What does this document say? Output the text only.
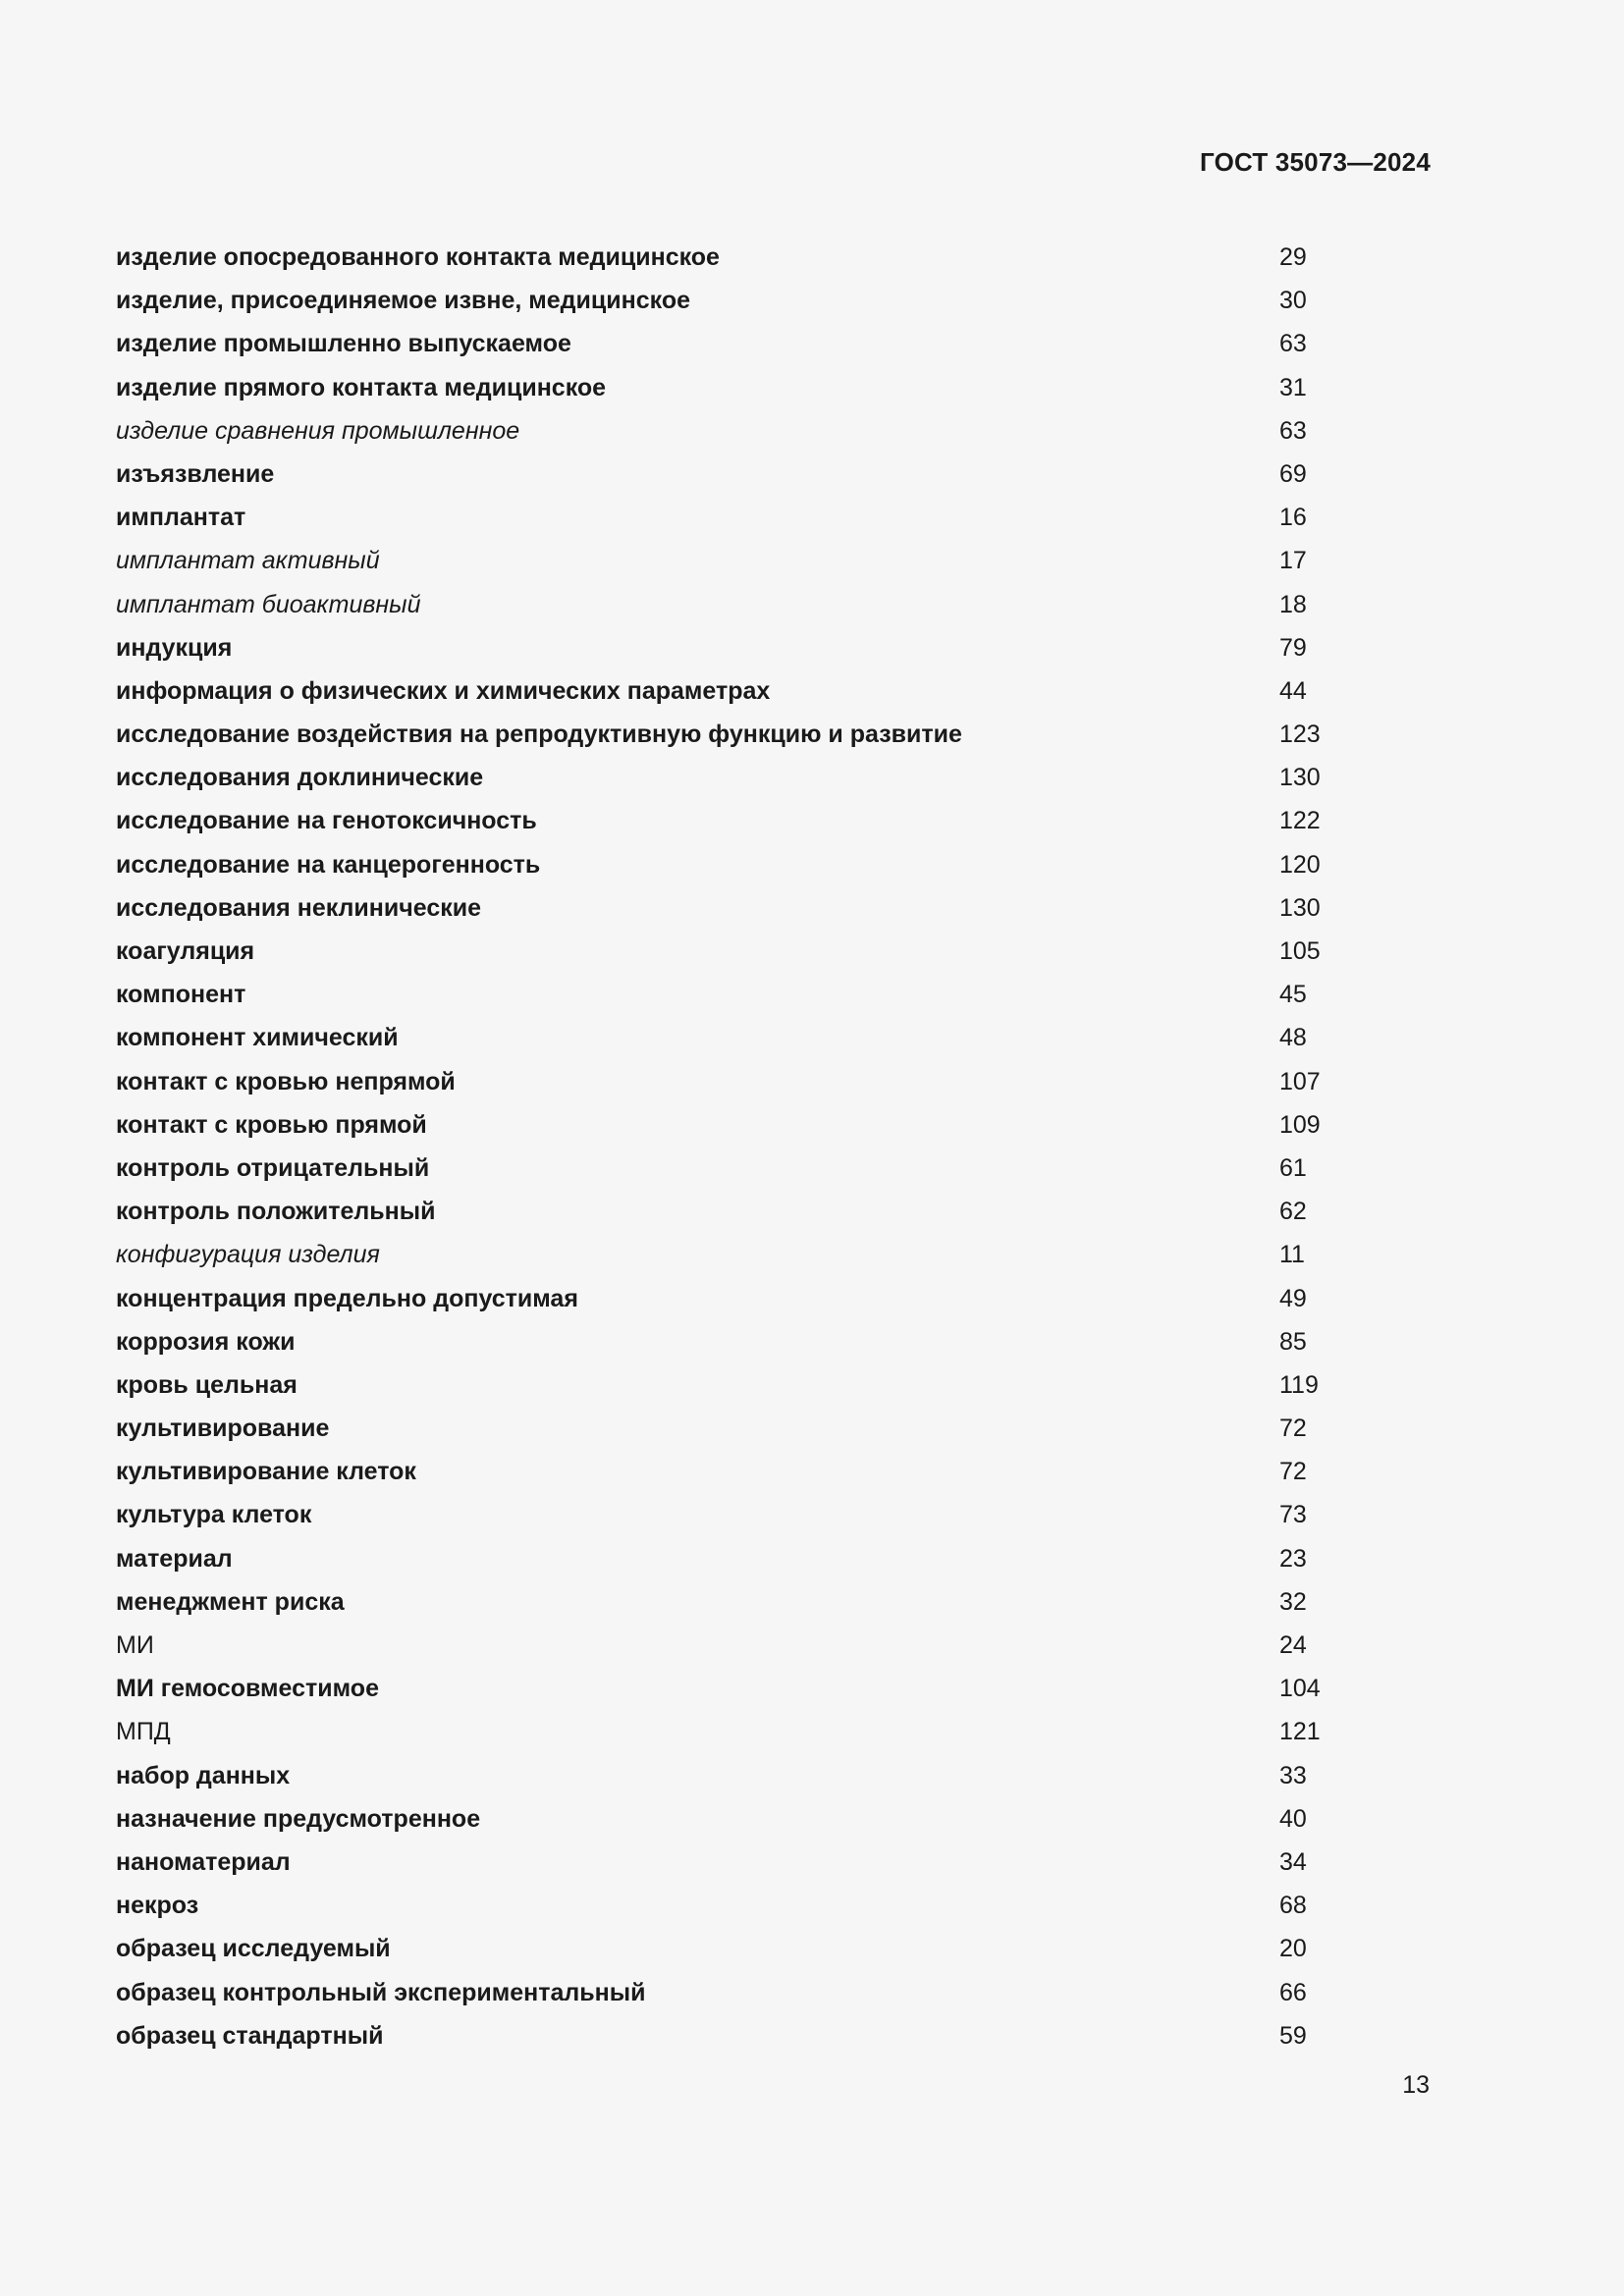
ГОСТ 35073—2024
изделие опосредованного контакта медицинское	29
изделие, присоединяемое извне, медицинское	30
изделие промышленно выпускаемое	63
изделие прямого контакта медицинское	31
изделие сравнения промышленное	63
изъязвление	69
имплантат	16
имплантат активный	17
имплантат биоактивный	18
индукция	79
информация о физических и химических параметрах	44
исследование воздействия на репродуктивную функцию и развитие	123
исследования доклинические	130
исследование на генотоксичность	122
исследование на канцерогенность	120
исследования неклинические	130
коагуляция	105
компонент	45
компонент химический	48
контакт с кровью непрямой	107
контакт с кровью прямой	109
контроль отрицательный	61
контроль положительный	62
конфигурация изделия	11
концентрация предельно допустимая	49
коррозия кожи	85
кровь цельная	119
культивирование	72
культивирование клеток	72
культура клеток	73
материал	23
менеджмент риска	32
МИ	24
МИ гемосовместимое	104
МПД	121
набор данных	33
назначение предусмотренное	40
наноматериал	34
некроз	68
образец исследуемый	20
образец контрольный экспериментальный	66
образец стандартный	59
13
